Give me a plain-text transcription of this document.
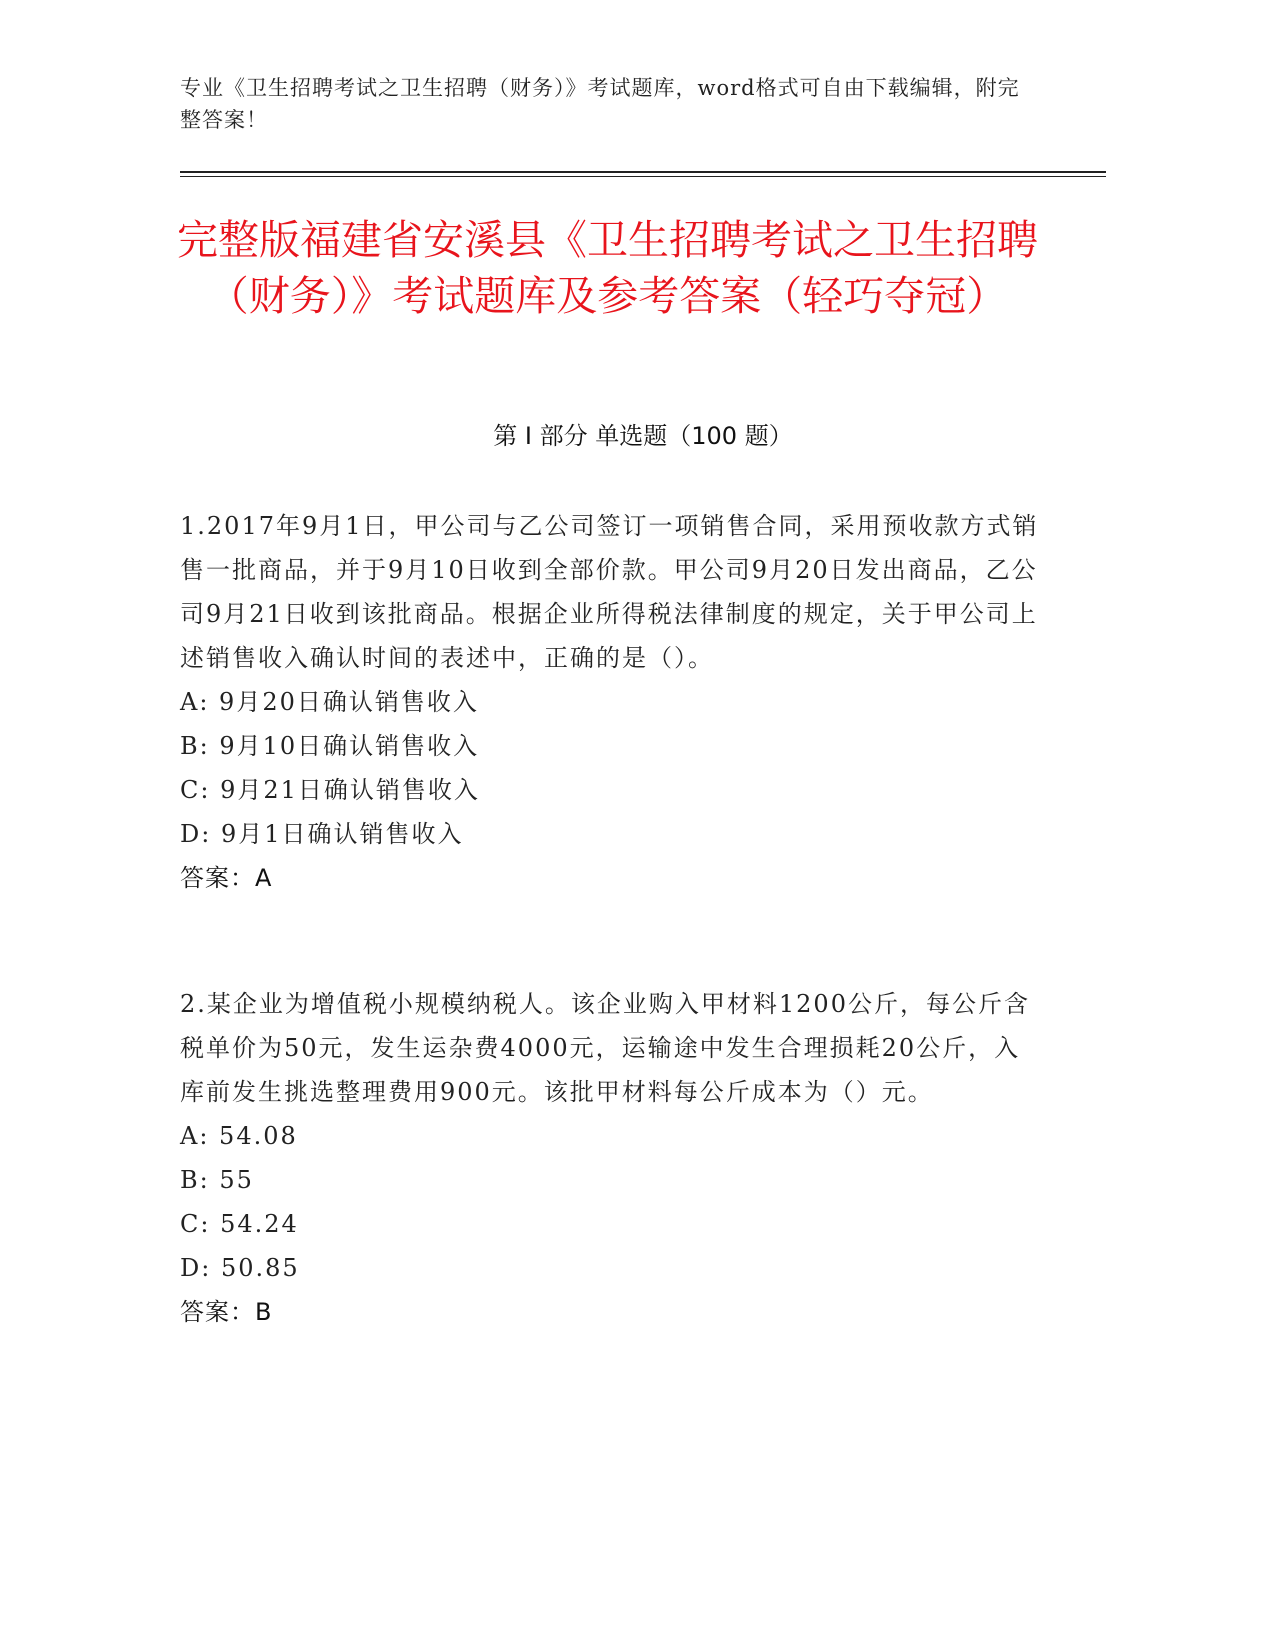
专业《卫生招聘考试之卫生招聘（财务）》考试题库，word格式可自由下载编辑，附完整答案！
完整版福建省安溪县《卫生招聘考试之卫生招聘（财务）》考试题库及参考答案（轻巧夺冠）
第 I 部分 单选题（100 题）

1.2017年9月1日，甲公司与乙公司签订一项销售合同，采用预收款方式销售一批商品，并于9月10日收到全部价款。甲公司9月20日发出商品，乙公司9月21日收到该批商品。根据企业所得税法律制度的规定，关于甲公司上述销售收入确认时间的表述中，正确的是（）。

A: 9月20日确认销售收入
B: 9月10日确认销售收入
C: 9月21日确认销售收入
D: 9月1日确认销售收入

答案：A

2.某企业为增值税小规模纳税人。该企业购入甲材料1200公斤，每公斤含税单价为50元，发生运杂费4000元，运输途中发生合理损耗20公斤，入库前发生挑选整理费用900元。该批甲材料每公斤成本为（）元。

A: 54.08
B: 55
C: 54.24
D: 50.85

答案：B
